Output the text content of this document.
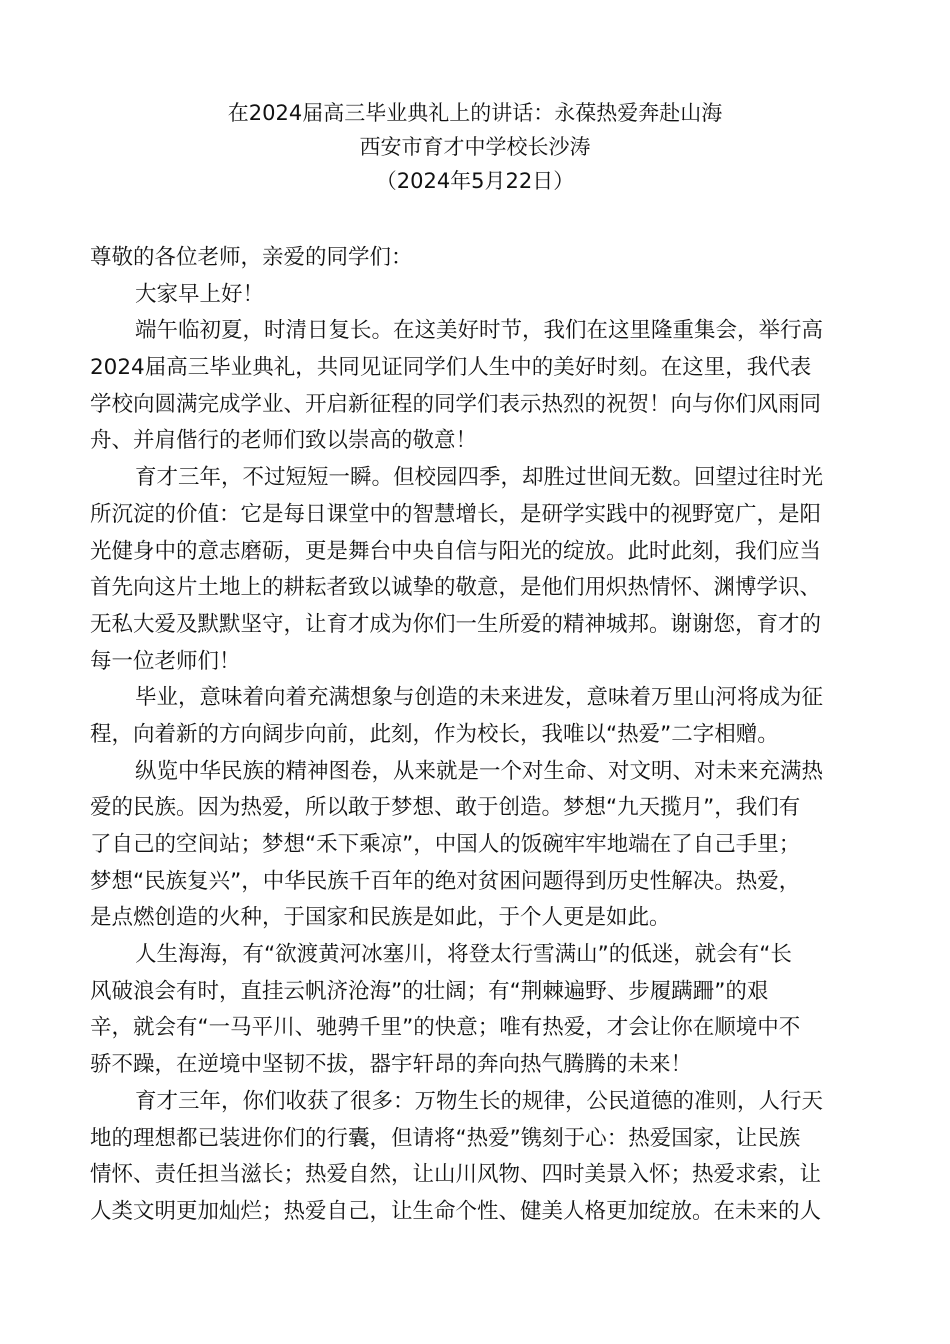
在2024届高三毕业典礼上的讲话：永葆热爱奔赴山海
西安市育才中学校长沙涛
（2024年5月22日）
尊敬的各位老师，亲爱的同学们：
大家早上好！
端午临初夏，时清日复长。在这美好时节，我们在这里隆重集会，举行高
2024届高三毕业典礼，共同见证同学们人生中的美好时刻。在这里，我代表
学校向圆满完成学业、开启新征程的同学们表示热烈的祝贺！向与你们风雨同
舟、并肩偕行的老师们致以崇高的敬意！
育才三年，不过短短一瞬。但校园四季，却胜过世间无数。回望过往时光
所沉淀的价值：它是每日课堂中的智慧增长，是研学实践中的视野宽广，是阳
光健身中的意志磨砺，更是舞台中央自信与阳光的绽放。此时此刻，我们应当
首先向这片土地上的耕耘者致以诚挚的敬意，是他们用炽热情怀、渊博学识、
无私大爱及默默坚守，让育才成为你们一生所爱的精神城邦。谢谢您，育才的
每一位老师们！
毕业，意味着向着充满想象与创造的未来进发，意味着万里山河将成为征
程，向着新的方向阔步向前，此刻，作为校长，我唯以“热爱”二字相赠。
纵览中华民族的精神图卷，从来就是一个对生命、对文明、对未来充满热
爱的民族。因为热爱，所以敢于梦想、敢于创造。梦想“九天揽月”，我们有
了自己的空间站；梦想“禾下乘凉”，中国人的饭碗牢牢地端在了自己手里；
梦想“民族复兴”，中华民族千百年的绝对贫困问题得到历史性解决。热爱，
是点燃创造的火种，于国家和民族是如此，于个人更是如此。
人生海海，有“欲渡黄河冰塞川，将登太行雪满山”的低迷，就会有“长
风破浪会有时，直挂云帆济沧海”的壮阔；有“荆棘遍野、步履蹒跚”的艰
辛，就会有“一马平川、驰骋千里”的快意；唯有热爱，才会让你在顺境中不
骄不躁，在逆境中坚韧不拔，器宇轩昂的奔向热气腾腾的未来！
育才三年，你们收获了很多：万物生长的规律，公民道德的准则，人行天
地的理想都已装进你们的行囊，但请将“热爱”镌刻于心：热爱国家，让民族
情怀、责任担当滋长；热爱自然，让山川风物、四时美景入怀；热爱求索，让
人类文明更加灿烂；热爱自己，让生命个性、健美人格更加绽放。在未来的人
